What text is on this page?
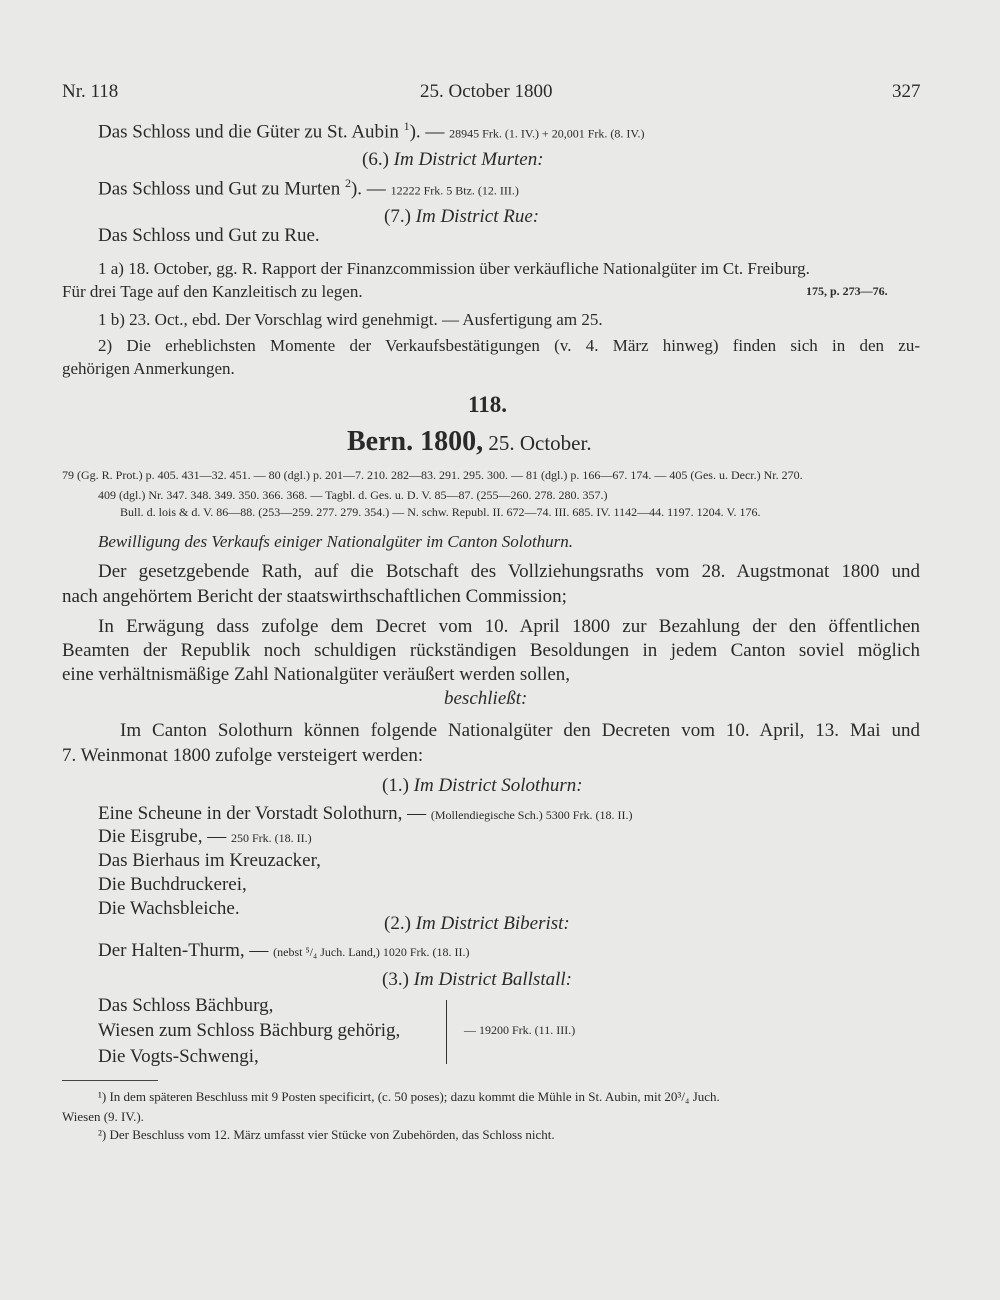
Nr. 118	25. October 1800	327
Das Schloss und die Güter zu St. Aubin $^1$). — 28945 Frk. (1. IV.) + 20,001 Frk. (8. IV.)
(6.) Im District Murten:
Das Schloss und Gut zu Murten $^2$). — 12222 Frk. 5 Btz. (12. III.)
(7.) Im District Rue:
Das Schloss und Gut zu Rue.
1 a) 18. October, gg. R. Rapport der Finanzcommission über verkäufliche Nationalgüter im Ct. Freiburg.
Für drei Tage auf den Kanzleitisch zu legen.	175, p. 273—76.
1 b) 23. Oct., ebd. Der Vorschlag wird genehmigt. — Ausfertigung am 25.
2) Die erheblichsten Momente der Verkaufsbestätigungen (v. 4. März hinweg) finden sich in den zu-
gehörigen Anmerkungen.
118.
Bern. 1800, 25. October.
79 (Gg. R. Prot.) p. 405. 431—32. 451. — 80 (dgl.) p. 201—7. 210. 282—83. 291. 295. 300. — 81 (dgl.) p. 166—67. 174. — 405 (Ges. u. Decr.) Nr. 270.
409 (dgl.) Nr. 347. 348. 349. 350. 366. 368. — Tagbl. d. Ges. u. D. V. 85—87. (255—260. 278. 280. 357.)
Bull. d. lois & d. V. 86—88. (253—259. 277. 279. 354.) — N. schw. Republ. II. 672—74. III. 685. IV. 1142—44. 1197. 1204. V. 176.
Bewilligung des Verkaufs einiger Nationalgüter im Canton Solothurn.
Der gesetzgebende Rath, auf die Botschaft des Vollziehungsraths vom 28. Augstmonat 1800 und
nach angehörtem Bericht der staatswirthschaftlichen Commission;
In Erwägung dass zufolge dem Decret vom 10. April 1800 zur Bezahlung der den öffentlichen
Beamten der Republik noch schuldigen rückständigen Besoldungen in jedem Canton soviel möglich
eine verhältnismäßige Zahl Nationalgüter veräußert werden sollen,
beschließt:
Im Canton Solothurn können folgende Nationalgüter den Decreten vom 10. April, 13. Mai und
7. Weinmonat 1800 zufolge versteigert werden:
(1.) Im District Solothurn:
Eine Scheune in der Vorstadt Solothurn, — (Mollendiegische Sch.) 5300 Frk. (18. II.)
Die Eisgrube, — 250 Frk. (18. II.)
Das Bierhaus im Kreuzacker,
Die Buchdruckerei,
Die Wachsbleiche.
(2.) Im District Biberist:
Der Halten-Thurm, — (nebst ⁵/₄ Juch. Land,) 1020 Frk. (18. II.)
(3.) Im District Ballstall:
Das Schloss Bächburg,
Wiesen zum Schloss Bächburg gehörig,
Die Vogts-Schwengi,
— 19200 Frk. (11. III.)
¹) In dem späteren Beschluss mit 9 Posten specificirt, (c. 50 poses); dazu kommt die Mühle in St. Aubin, mit 20³/₄ Juch.
Wiesen (9. IV.).
²) Der Beschluss vom 12. März umfasst vier Stücke von Zubehörden, das Schloss nicht.
